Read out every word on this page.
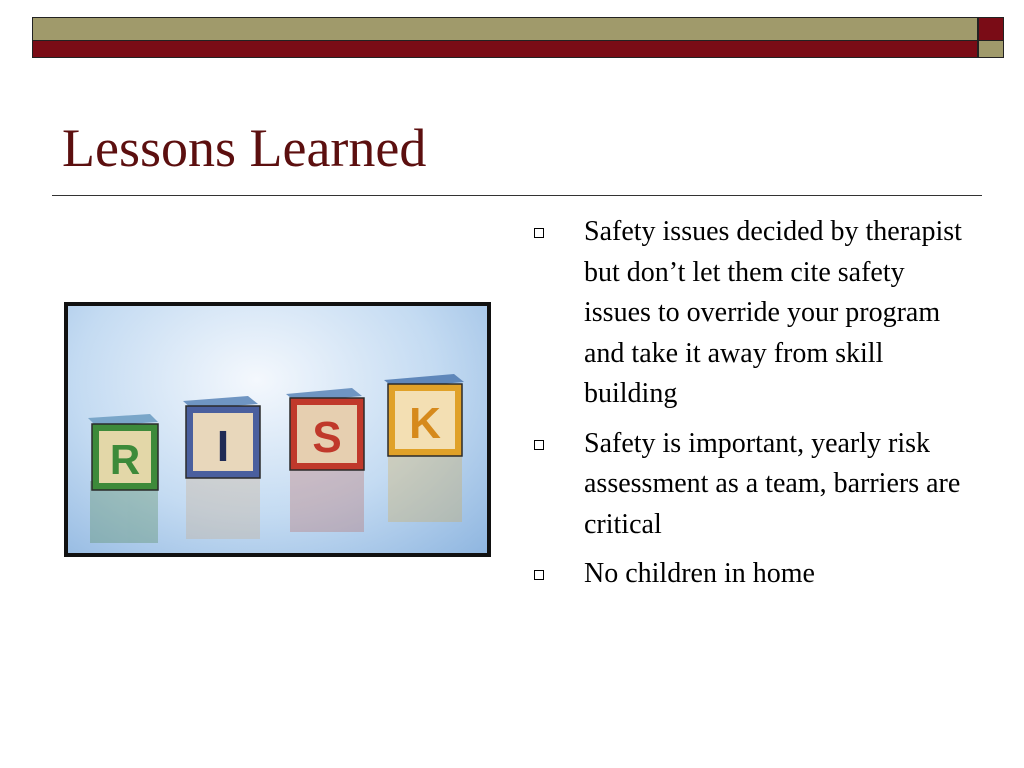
Lessons Learned
R I S K
Safety issues decided by therapist but don’t let them cite safety issues to override your program and take it away from skill building
Safety is important, yearly risk assessment as a team, barriers are critical
No children in home
